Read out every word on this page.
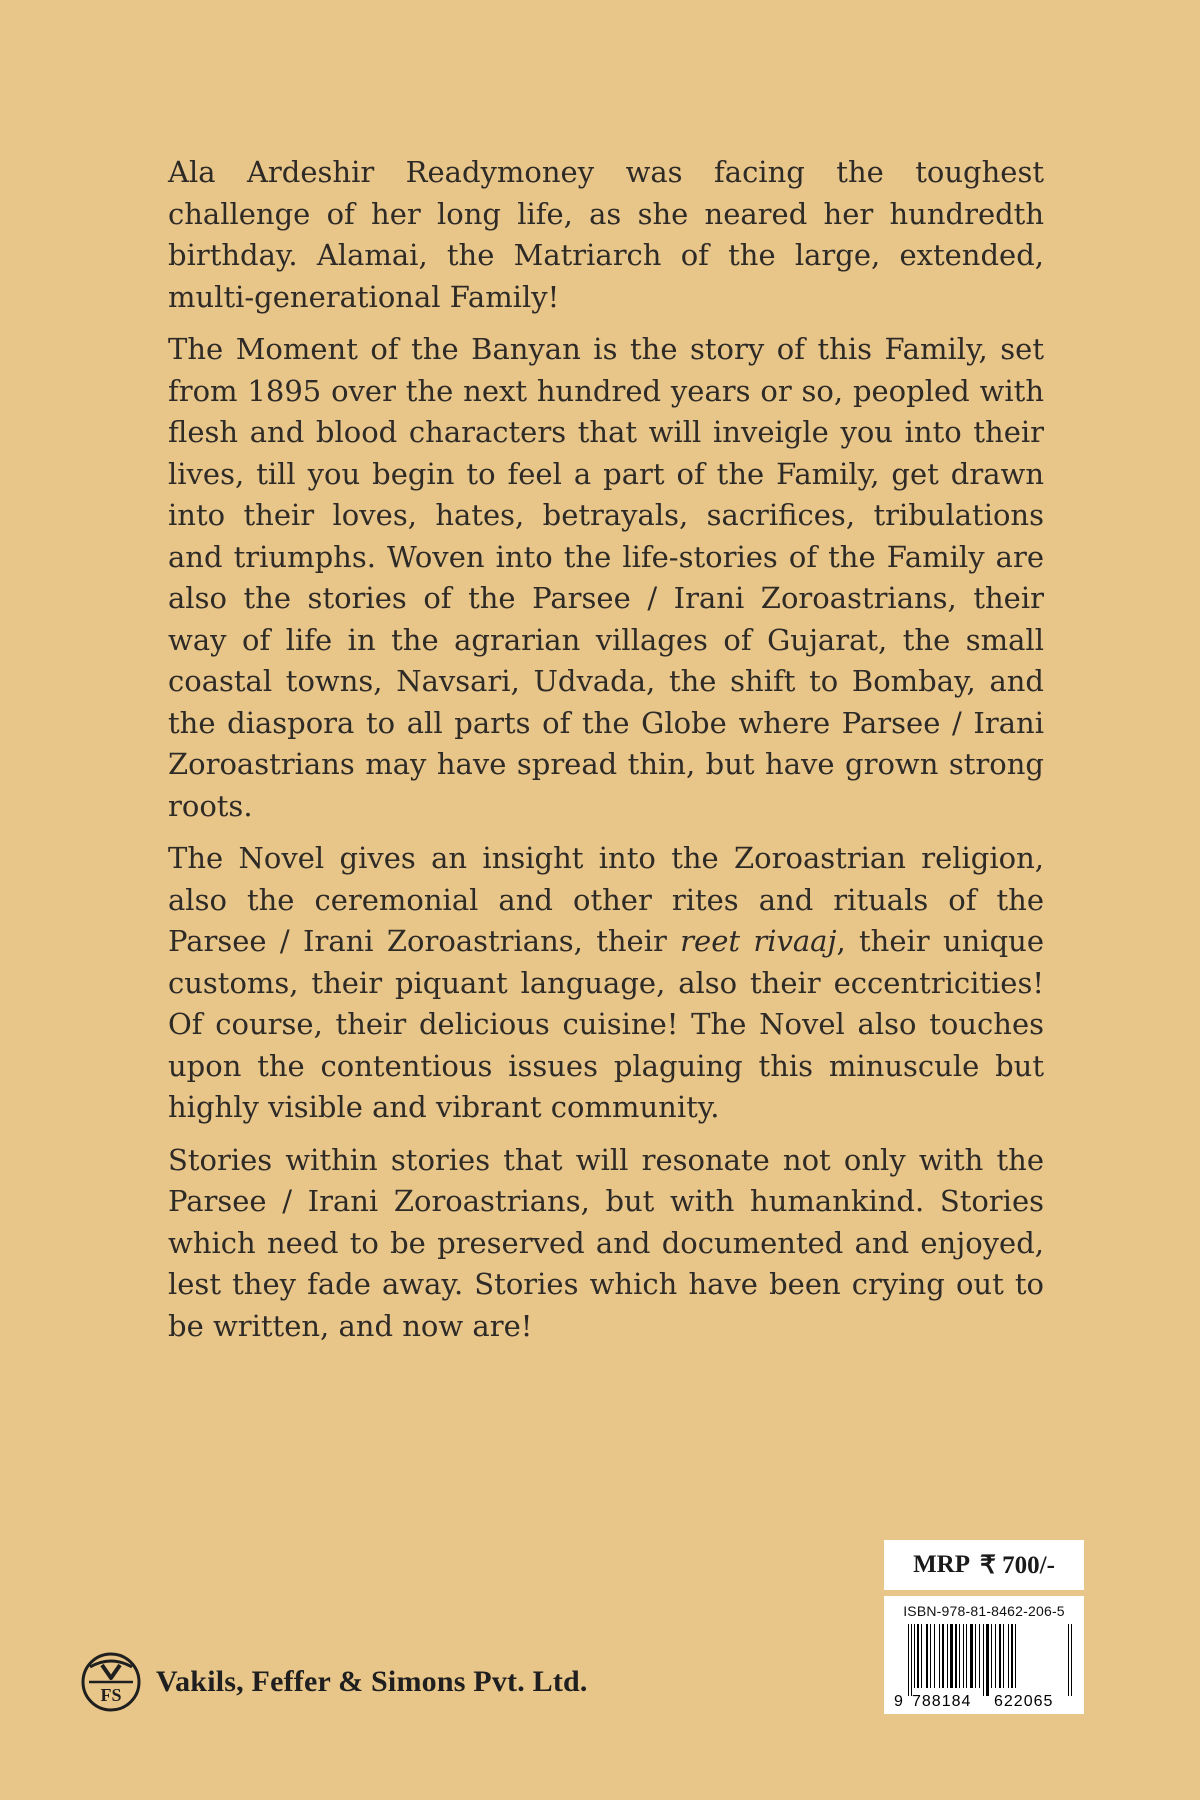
Ala Ardeshir Readymoney was facing the toughest challenge of her long life, as she neared her hundredth birthday. Alamai, the Matriarch of the large, extended, multi-generational Family!

The Moment of the Banyan is the story of this Family, set from 1895 over the next hundred years or so, peopled with flesh and blood characters that will inveigle you into their lives, till you begin to feel a part of the Family, get drawn into their loves, hates, betrayals, sacrifices, tribulations and triumphs. Woven into the life-stories of the Family are also the stories of the Parsee / Irani Zoroastrians, their way of life in the agrarian villages of Gujarat, the small coastal towns, Navsari, Udvada, the shift to Bombay, and the diaspora to all parts of the Globe where Parsee / Irani Zoroastrians may have spread thin, but have grown strong roots.

The Novel gives an insight into the Zoroastrian religion, also the ceremonial and other rites and rituals of the Parsee / Irani Zoroastrians, their reet rivaaj, their unique customs, their piquant language, also their eccentricities! Of course, their delicious cuisine! The Novel also touches upon the contentious issues plaguing this minuscule but highly visible and vibrant community.

Stories within stories that will resonate not only with the Parsee / Irani Zoroastrians, but with humankind. Stories which need to be preserved and documented and enjoyed, lest they fade away. Stories which have been crying out to be written, and now are!

MRP ₹ 700/-
ISBN-978-81-8462-206-5
9 788184 622065
FS Vakils, Feffer & Simons Pvt. Ltd.
